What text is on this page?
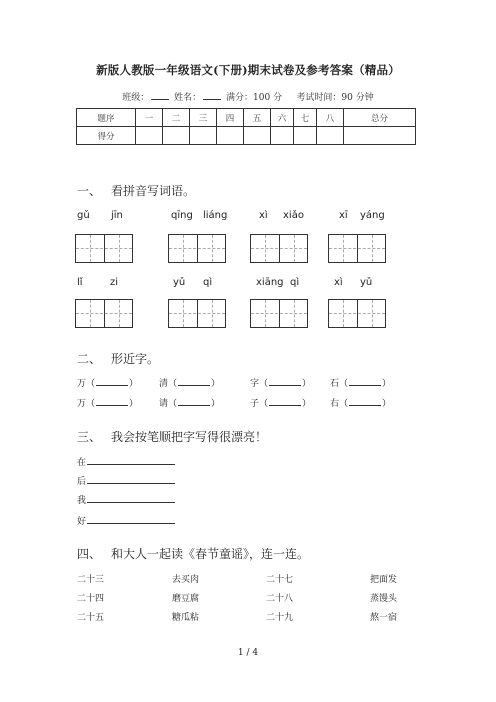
新版人教版一年级语文(下册)期末试卷及参考答案（精品）
班级：	姓名：	满分：100 分 考试时间：90 分钟
题序	一	二	三	四	五	六	七	八	总分
得分									
一、 看拼音写词语。
gǔ jīn	qīng liáng	xì xiǎo	xī yáng
lǐ	zi	yǔ qì	xiāng qì	xì yǔ
二、 形近字。
万（	） 清（	）	字（	） 石（	）
万（	） 请（	）	子（	） 右（	）
三、 我会按笔顺把字写得很漂亮！
在
后
我
好
四、 和大人一起读《春节童谣》，连一连。
二十三	去买肉	二十七	把面发
二十四	磨豆腐	二十八	蒸馒头
二十五	糖瓜粘	二十九	熬一宿
1 / 4
